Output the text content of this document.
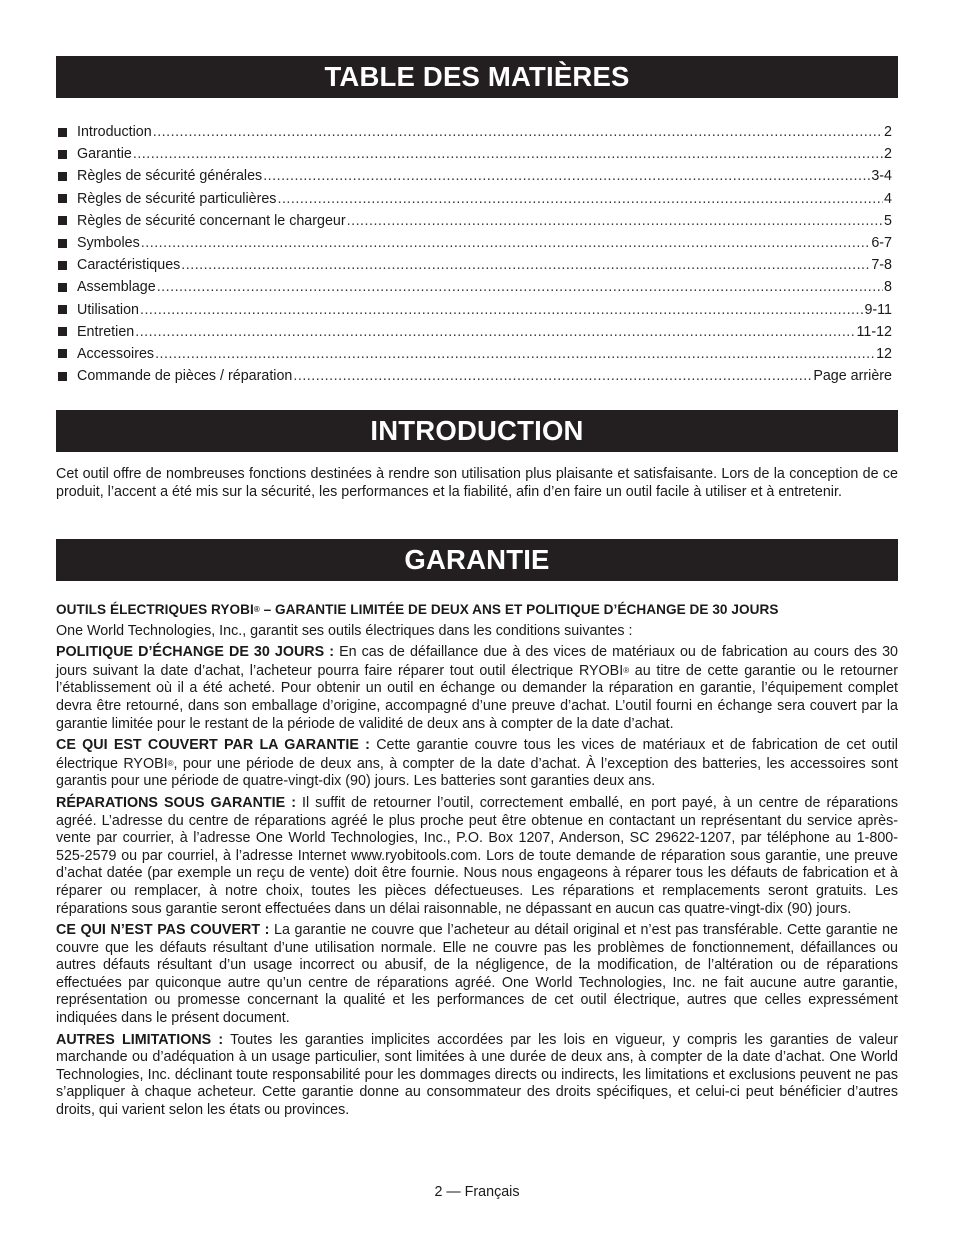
TABLE DES MATIÈRES
Introduction .....	2
Garantie .....	2
Règles de sécurité générales .....	3-4
Règles de sécurité particulières .....	4
Règles de sécurité concernant le chargeur .....	5
Symboles .....	6-7
Caractéristiques .....	7-8
Assemblage .....	8
Utilisation .....	9-11
Entretien .....	11-12
Accessoires .....	12
Commande de pièces / réparation .....	Page arrière
INTRODUCTION

Cet outil offre de nombreuses fonctions destinées à rendre son utilisation plus plaisante et satisfaisante. Lors de la conception de ce produit, l’accent a été mis sur la sécurité, les performances et la fiabilité, afin d’en faire un outil facile à utiliser et à entretenir.

GARANTIE

OUTILS ÉLECTRIQUES RYOBI® – GARANTIE LIMITÉE DE DEUX ANS ET POLITIQUE D’ÉCHANGE DE 30 JOURS

One World Technologies, Inc., garantit ses outils électriques dans les conditions suivantes :

POLITIQUE D’ÉCHANGE DE 30 JOURS : En cas de défaillance due à des vices de matériaux ou de fabrication au cours des 30 jours suivant la date d’achat, l’acheteur pourra faire réparer tout outil électrique RYOBI® au titre de cette garantie ou le retourner l’établissement où il a été acheté. Pour obtenir un outil en échange ou demander la réparation en garantie, l’équipement complet devra être retourné, dans son emballage d’origine, accompagné d’une preuve d’achat. L’outil fourni en échange sera couvert par la garantie limitée pour le restant de la période de validité de deux ans à compter de la date d’achat.

CE QUI EST COUVERT PAR LA GARANTIE : Cette garantie couvre tous les vices de matériaux et de fabrication de cet outil électrique RYOBI®, pour une période de deux ans, à compter de la date d’achat. À l’exception des batteries, les accessoires sont garantis pour une période de quatre-vingt-dix (90) jours. Les batteries sont garanties deux ans.

RÉPARATIONS SOUS GARANTIE : Il suffit de retourner l’outil, correctement emballé, en port payé, à un centre de réparations agréé. L’adresse du centre de réparations agréé le plus proche peut être obtenue en contactant un représentant du service après-vente par courrier, à l’adresse One World Technologies, Inc., P.O. Box 1207, Anderson, SC 29622-1207, par téléphone au 1-800-525-2579 ou par courriel, à l’adresse Internet www.ryobitools.com. Lors de toute demande de réparation sous garantie, une preuve d’achat datée (par exemple un reçu de vente) doit être fournie. Nous nous engageons à réparer tous les défauts de fabrication et à réparer ou remplacer, à notre choix, toutes les pièces défectueuses. Les réparations et remplacements seront gratuits. Les réparations sous garantie seront effectuées dans un délai raisonnable, ne dépassant en aucun cas quatre-vingt-dix (90) jours.

CE QUI N’EST PAS COUVERT : La garantie ne couvre que l’acheteur au détail original et n’est pas transférable. Cette garantie ne couvre que les défauts résultant d’une utilisation normale. Elle ne couvre pas les problèmes de fonctionnement, défaillances ou autres défauts résultant d’un usage incorrect ou abusif, de la négligence, de la modification, de l’altération ou de réparations effectuées par quiconque autre qu’un centre de réparations agréé. One World Technologies, Inc. ne fait aucune autre garantie, représentation ou promesse concernant la qualité et les performances de cet outil électrique, autres que celles expressément indiquées dans le présent document.

AUTRES LIMITATIONS : Toutes les garanties implicites accordées par les lois en vigueur, y compris les garanties de valeur marchande ou d’adéquation à un usage particulier, sont limitées à une durée de deux ans, à compter de la date d’achat. One World Technologies, Inc. déclinant toute responsabilité pour les dommages directs ou indirects, les limitations et exclusions peuvent ne pas s’appliquer à chaque acheteur. Cette garantie donne au consommateur des droits spécifiques, et celui-ci peut bénéficier d’autres droits, qui varient selon les états ou provinces.

2 — Français
